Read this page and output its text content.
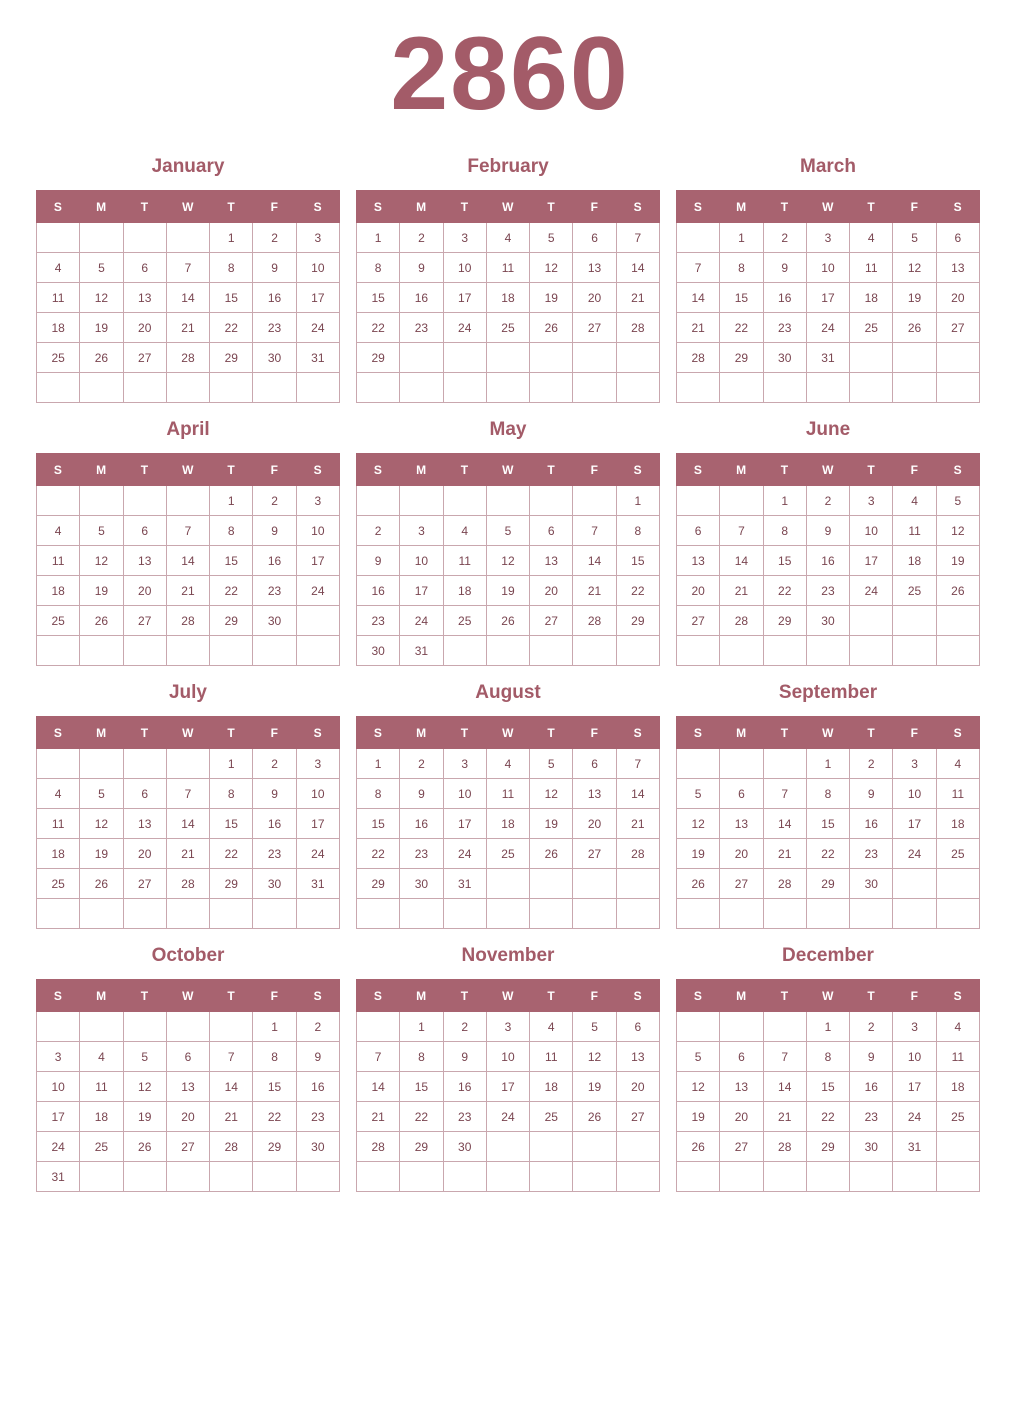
2860
January
S	M	T	W	T	F	S
				1	2	3
4	5	6	7	8	9	10
11	12	13	14	15	16	17
18	19	20	21	22	23	24
25	26	27	28	29	30	31

February
S	M	T	W	T	F	S
1	2	3	4	5	6	7
8	9	10	11	12	13	14
15	16	17	18	19	20	21
22	23	24	25	26	27	28
29						

March
S	M	T	W	T	F	S
	1	2	3	4	5	6
7	8	9	10	11	12	13
14	15	16	17	18	19	20
21	22	23	24	25	26	27
28	29	30	31			

April
S	M	T	W	T	F	S
				1	2	3
4	5	6	7	8	9	10
11	12	13	14	15	16	17
18	19	20	21	22	23	24
25	26	27	28	29	30	

May
S	M	T	W	T	F	S
						1
2	3	4	5	6	7	8
9	10	11	12	13	14	15
16	17	18	19	20	21	22
23	24	25	26	27	28	29
30	31					
June
S	M	T	W	T	F	S
		1	2	3	4	5
6	7	8	9	10	11	12
13	14	15	16	17	18	19
20	21	22	23	24	25	26
27	28	29	30			

July
S	M	T	W	T	F	S
				1	2	3
4	5	6	7	8	9	10
11	12	13	14	15	16	17
18	19	20	21	22	23	24
25	26	27	28	29	30	31

August
S	M	T	W	T	F	S
1	2	3	4	5	6	7
8	9	10	11	12	13	14
15	16	17	18	19	20	21
22	23	24	25	26	27	28
29	30	31				

September
S	M	T	W	T	F	S
			1	2	3	4
5	6	7	8	9	10	11
12	13	14	15	16	17	18
19	20	21	22	23	24	25
26	27	28	29	30		

October
S	M	T	W	T	F	S
					1	2
3	4	5	6	7	8	9
10	11	12	13	14	15	16
17	18	19	20	21	22	23
24	25	26	27	28	29	30
31						
November
S	M	T	W	T	F	S
	1	2	3	4	5	6
7	8	9	10	11	12	13
14	15	16	17	18	19	20
21	22	23	24	25	26	27
28	29	30				

December
S	M	T	W	T	F	S
			1	2	3	4
5	6	7	8	9	10	11
12	13	14	15	16	17	18
19	20	21	22	23	24	25
26	27	28	29	30	31	
